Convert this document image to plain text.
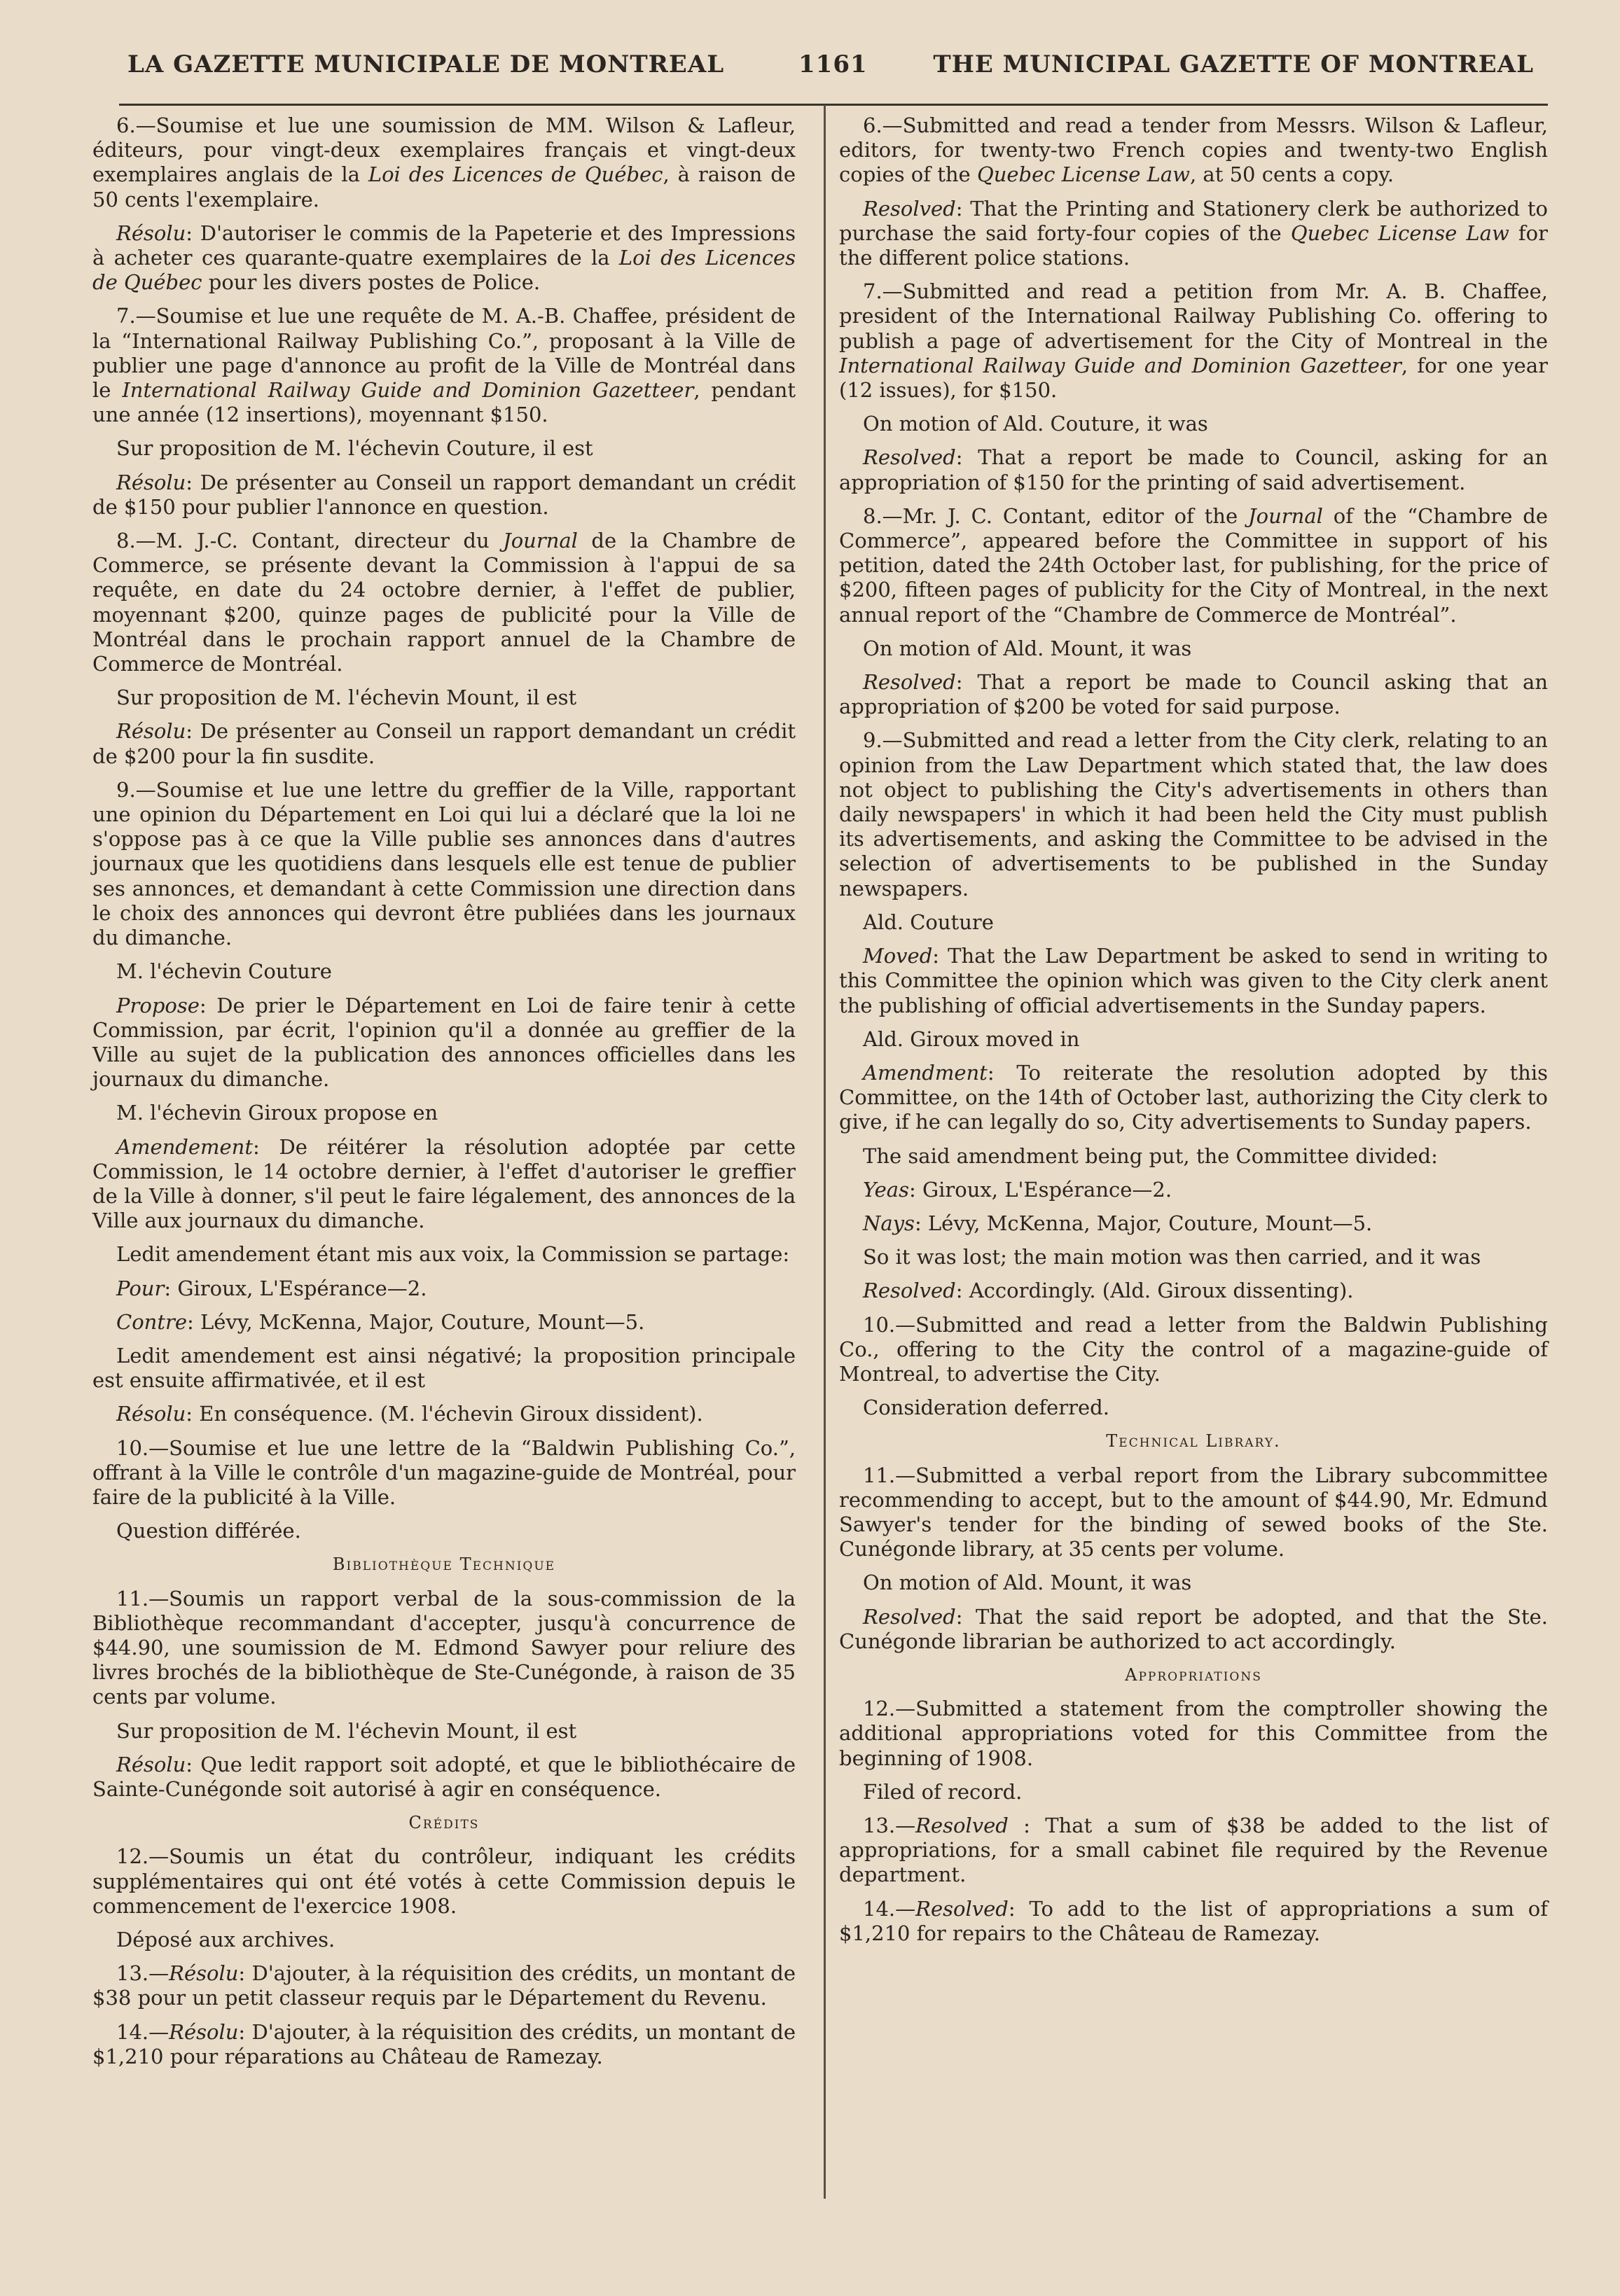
LA GAZETTE MUNICIPALE DE MONTREAL	1161	THE MUNICIPAL GAZETTE OF MONTREAL

6.—Soumise et lue une soumission de MM. Wilson & Lafleur, éditeurs, pour vingt-deux exemplaires français et vingt-deux exemplaires anglais de la Loi des Licences de Québec, à raison de 50 cents l'exemplaire.

Résolu: D'autoriser le commis de la Papeterie et des Impressions à acheter ces quarante-quatre exemplaires de la Loi des Licences de Québec pour les divers postes de Police.

7.—Soumise et lue une requête de M. A.-B. Chaffee, président de la “International Railway Publishing Co.”, proposant à la Ville de publier une page d'annonce au profit de la Ville de Montréal dans le International Railway Guide and Dominion Gazetteer, pendant une année (12 insertions), moyennant $150.

Sur proposition de M. l'échevin Couture, il est

Résolu: De présenter au Conseil un rapport demandant un crédit de $150 pour publier l'annonce en question.

8.—M. J.-C. Contant, directeur du Journal de la Chambre de Commerce, se présente devant la Commission à l'appui de sa requête, en date du 24 octobre dernier, à l'effet de publier, moyennant $200, quinze pages de publicité pour la Ville de Montréal dans le prochain rapport annuel de la Chambre de Commerce de Montréal.

Sur proposition de M. l'échevin Mount, il est

Résolu: De présenter au Conseil un rapport demandant un crédit de $200 pour la fin susdite.

9.—Soumise et lue une lettre du greffier de la Ville, rapportant une opinion du Département en Loi qui lui a déclaré que la loi ne s'oppose pas à ce que la Ville publie ses annonces dans d'autres journaux que les quotidiens dans lesquels elle est tenue de publier ses annonces, et demandant à cette Commission une direction dans le choix des annonces qui devront être publiées dans les journaux du dimanche.

M. l'échevin Couture

Propose: De prier le Département en Loi de faire tenir à cette Commission, par écrit, l'opinion qu'il a donnée au greffier de la Ville au sujet de la publication des annonces officielles dans les journaux du dimanche.

M. l'échevin Giroux propose en

Amendement: De réitérer la résolution adoptée par cette Commission, le 14 octobre dernier, à l'effet d'autoriser le greffier de la Ville à donner, s'il peut le faire légalement, des annonces de la Ville aux journaux du dimanche.

Ledit amendement étant mis aux voix, la Commission se partage:

Pour: Giroux, L'Espérance—2.

Contre: Lévy, McKenna, Major, Couture, Mount—5.

Ledit amendement est ainsi négativé; la proposition principale est ensuite affirmativée, et il est

Résolu: En conséquence. (M. l'échevin Giroux dissident).

10.—Soumise et lue une lettre de la “Baldwin Publishing Co.”, offrant à la Ville le contrôle d'un magazine-guide de Montréal, pour faire de la publicité à la Ville.

Question différée.

Bibliothèque Technique

11.—Soumis un rapport verbal de la sous-commission de la Bibliothèque recommandant d'accepter, jusqu'à concurrence de $44.90, une soumission de M. Edmond Sawyer pour reliure des livres brochés de la bibliothèque de Ste-Cunégonde, à raison de 35 cents par volume.

Sur proposition de M. l'échevin Mount, il est

Résolu: Que ledit rapport soit adopté, et que le bibliothécaire de Sainte-Cunégonde soit autorisé à agir en conséquence.

Crédits

12.—Soumis un état du contrôleur, indiquant les crédits supplémentaires qui ont été votés à cette Commission depuis le commencement de l'exercice 1908.

Déposé aux archives.

13.—Résolu: D'ajouter, à la réquisition des crédits, un montant de $38 pour un petit classeur requis par le Département du Revenu.

14.—Résolu: D'ajouter, à la réquisition des crédits, un montant de $1,210 pour réparations au Château de Ramezay.

6.—Submitted and read a tender from Messrs. Wilson & Lafleur, editors, for twenty-two French copies and twenty-two English copies of the Quebec License Law, at 50 cents a copy.

Resolved: That the Printing and Stationery clerk be authorized to purchase the said forty-four copies of the Quebec License Law for the different police stations.

7.—Submitted and read a petition from Mr. A. B. Chaffee, president of the International Railway Publishing Co. offering to publish a page of advertisement for the City of Montreal in the International Railway Guide and Dominion Gazetteer, for one year (12 issues), for $150.

On motion of Ald. Couture, it was

Resolved: That a report be made to Council, asking for an appropriation of $150 for the printing of said advertisement.

8.—Mr. J. C. Contant, editor of the Journal of the “Chambre de Commerce”, appeared before the Committee in support of his petition, dated the 24th October last, for publishing, for the price of $200, fifteen pages of publicity for the City of Montreal, in the next annual report of the “Chambre de Commerce de Montréal”.

On motion of Ald. Mount, it was

Resolved: That a report be made to Council asking that an appropriation of $200 be voted for said purpose.

9.—Submitted and read a letter from the City clerk, relating to an opinion from the Law Department which stated that, the law does not object to publishing the City's advertisements in others than daily newspapers' in which it had been held the City must publish its advertisements, and asking the Committee to be advised in the selection of advertisements to be published in the Sunday newspapers.

Ald. Couture

Moved: That the Law Department be asked to send in writing to this Committee the opinion which was given to the City clerk anent the publishing of official advertisements in the Sunday papers.

Ald. Giroux moved in

Amendment: To reiterate the resolution adopted by this Committee, on the 14th of October last, authorizing the City clerk to give, if he can legally do so, City advertisements to Sunday papers.

The said amendment being put, the Committee divided:

Yeas: Giroux, L'Espérance—2.

Nays: Lévy, McKenna, Major, Couture, Mount—5.

So it was lost; the main motion was then carried, and it was

Resolved: Accordingly. (Ald. Giroux dissenting).

10.—Submitted and read a letter from the Baldwin Publishing Co., offering to the City the control of a magazine-guide of Montreal, to advertise the City.

Consideration deferred.

Technical Library.

11.—Submitted a verbal report from the Library subcommittee recommending to accept, but to the amount of $44.90, Mr. Edmund Sawyer's tender for the binding of sewed books of the Ste. Cunégonde library, at 35 cents per volume.

On motion of Ald. Mount, it was

Resolved: That the said report be adopted, and that the Ste. Cunégonde librarian be authorized to act accordingly.

Appropriations

12.—Submitted a statement from the comptroller showing the additional appropriations voted for this Committee from the beginning of 1908.

Filed of record.

13.—Resolved : That a sum of $38 be added to the list of appropriations, for a small cabinet file required by the Revenue department.

14.—Resolved: To add to the list of appropriations a sum of $1,210 for repairs to the Château de Ramezay.
